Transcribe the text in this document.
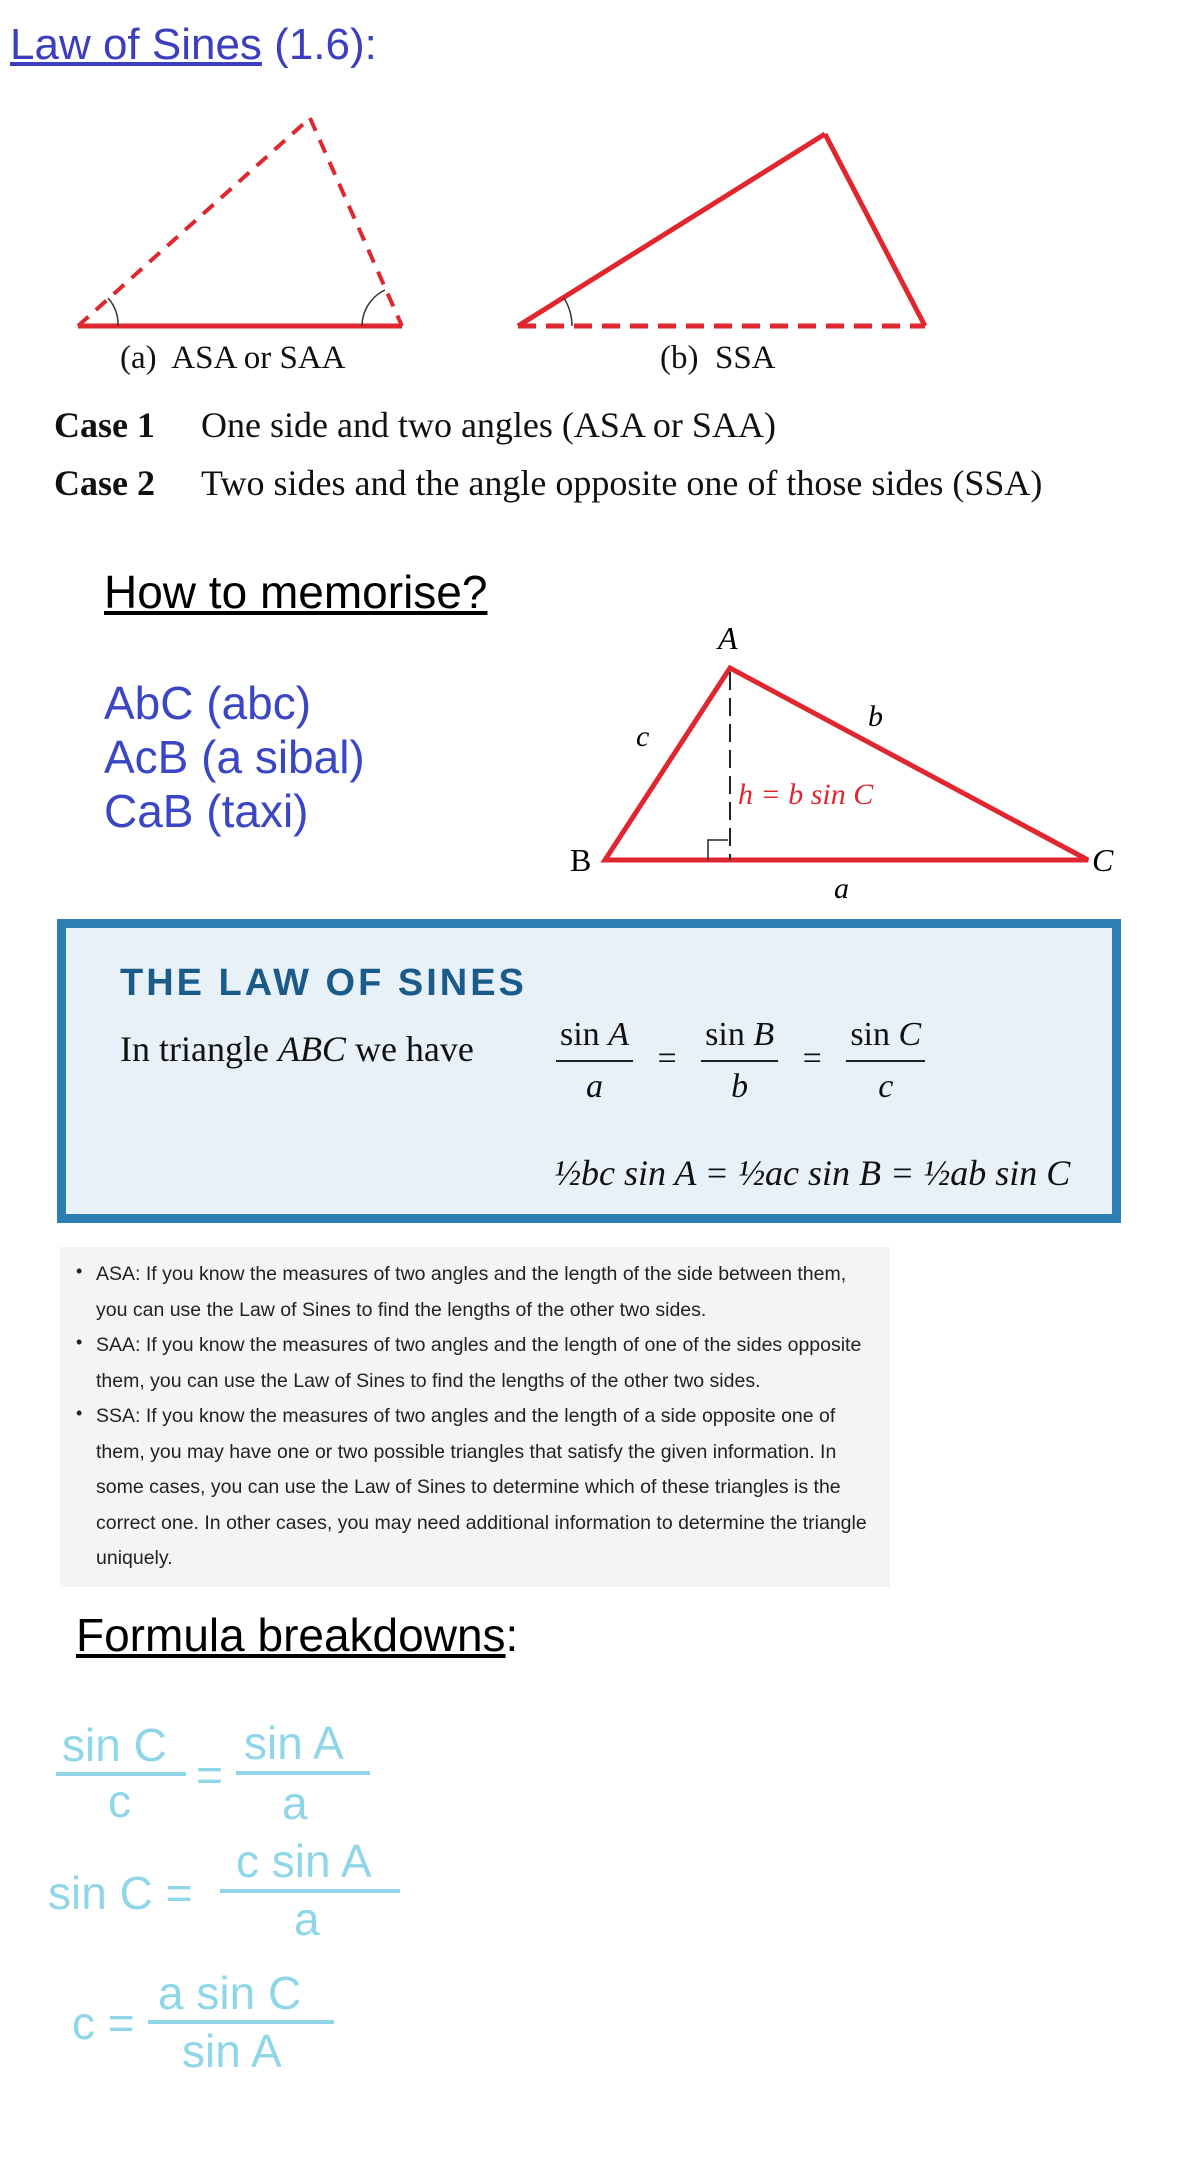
Law of Sines (1.6):
(a)  ASA or SAA	(b)  SSA
Case 1 One side and two angles (ASA or SAA)
Case 2 Two sides and the angle opposite one of those sides (SSA)
How to memorise?
AbC (abc)
AcB (a sibal)
CaB (taxi)
A
B	C
c
b
a
h = b sin C
THE LAW OF SINES
In triangle ABC we have $\frac{\text{sin A}}{a} = \frac{\text{sin B}}{b} = \frac{\text{sin C}}{c}$
½bc sin A = ½ac sin B = ½ab sin C
• ASA: If you know the measures of two angles and the length of the side between them, you can use the Law of Sines to find the lengths of the other two sides.
• SAA: If you know the measures of two angles and the length of one of the sides opposite them, you can use the Law of Sines to find the lengths of the other two sides.
• SSA: If you know the measures of two angles and the length of a side opposite one of them, you may have one or two possible triangles that satisfy the given information. In some cases, you can use the Law of Sines to determine which of these triangles is the correct one. In other cases, you may need additional information to determine the triangle uniquely.
Formula breakdowns:
sin C
c =
sin A
a
sin C =
c sin A
a
c =
a sin C
sin A
